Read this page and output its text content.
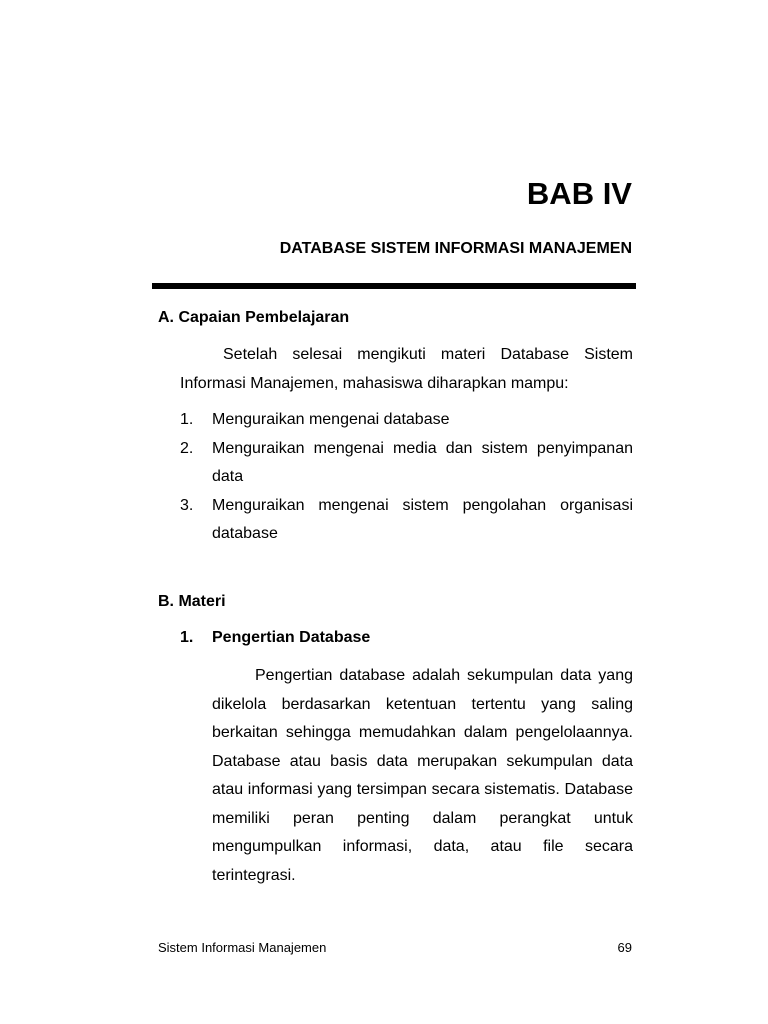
BAB IV
DATABASE SISTEM INFORMASI MANAJEMEN
A. Capaian Pembelajaran

Setelah selesai mengikuti materi Database Sistem Informasi Manajemen, mahasiswa diharapkan mampu:

1.	Menguraikan mengenai database
2.	Menguraikan mengenai media dan sistem penyimpanan data
3.	Menguraikan mengenai sistem pengolahan organisasi database
B. Materi
1.	Pengertian Database

Pengertian database adalah sekumpulan data yang dikelola berdasarkan ketentuan tertentu yang saling berkaitan sehingga memudahkan dalam pengelolaannya. Database atau basis data merupakan sekumpulan data atau informasi yang tersimpan secara sistematis. Database memiliki peran penting dalam perangkat untuk mengumpulkan informasi, data, atau file secara terintegrasi.

Sistem Informasi Manajemen	69
